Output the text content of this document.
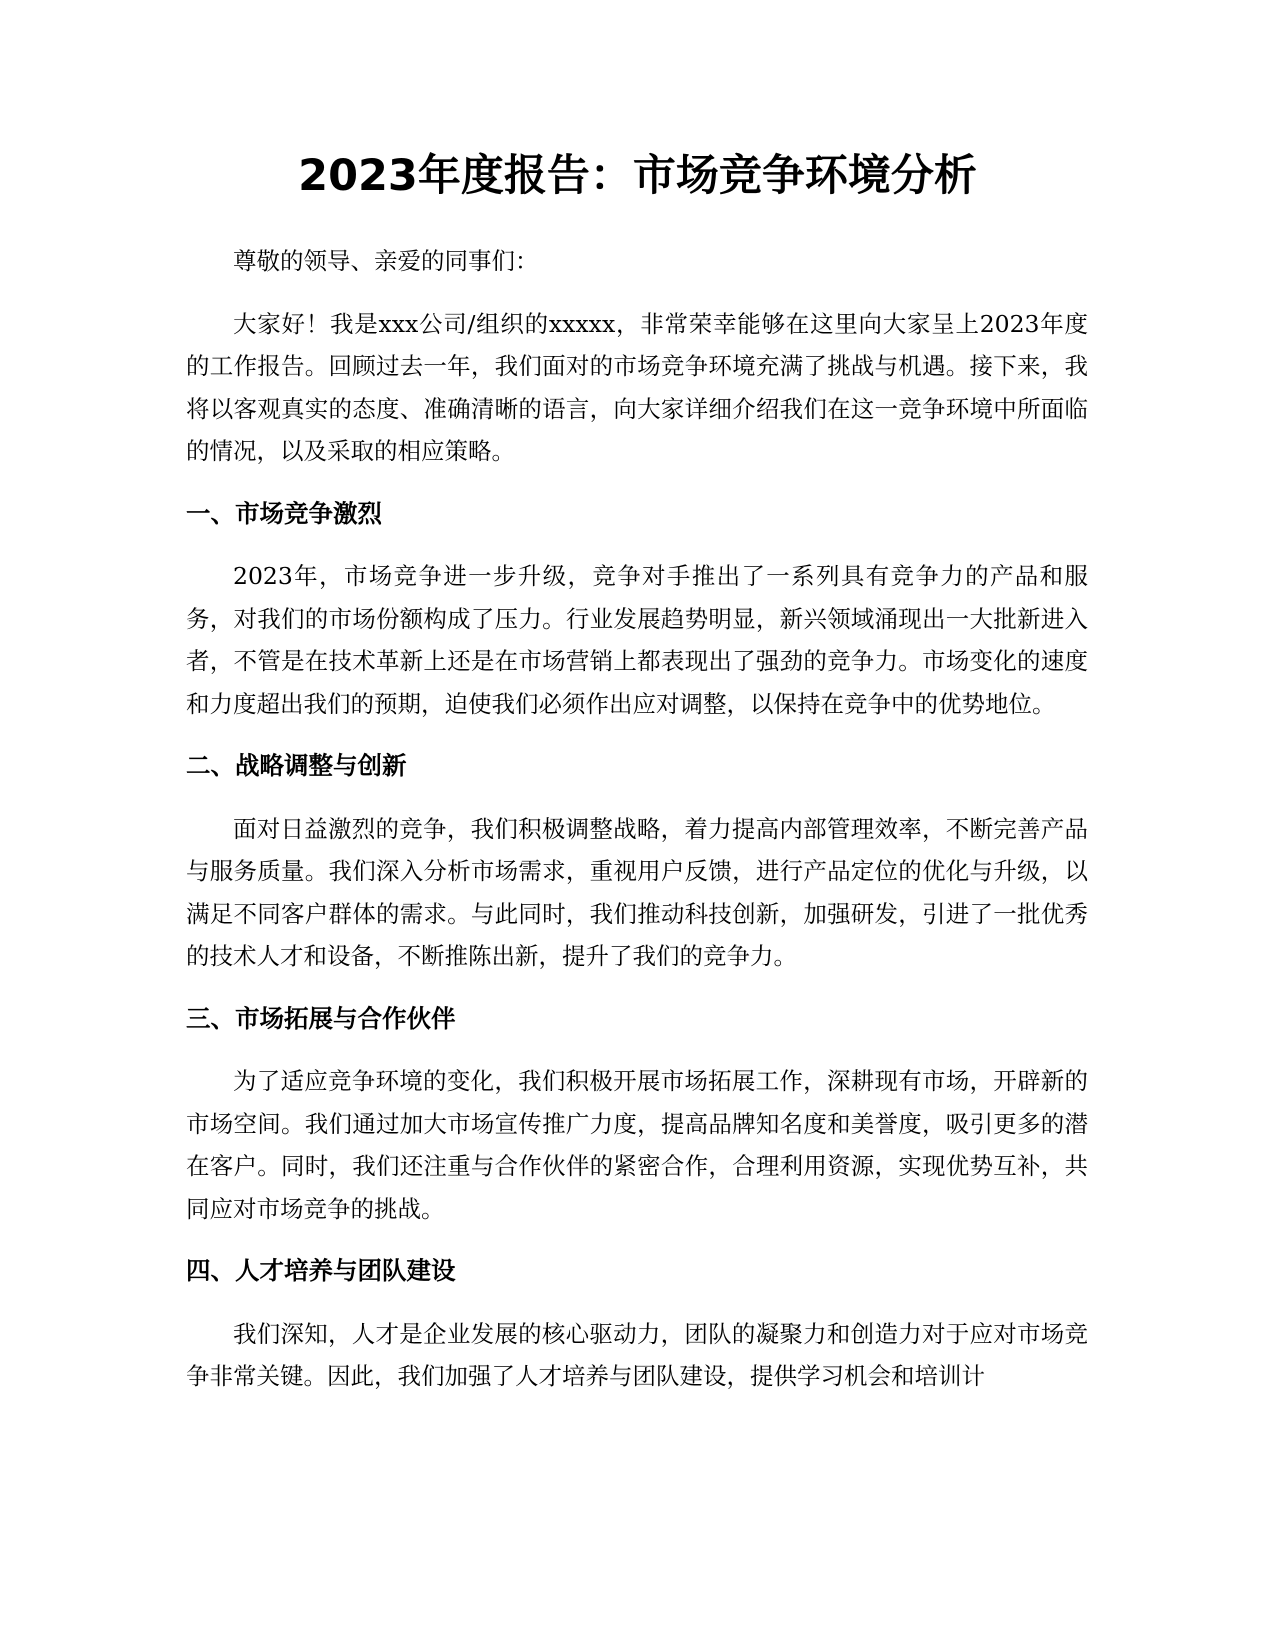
2023年度报告：市场竞争环境分析

尊敬的领导、亲爱的同事们：

大家好！我是xxx公司/组织的xxxxx，非常荣幸能够在这里向大家呈上2023年度的工作报告。回顾过去一年，我们面对的市场竞争环境充满了挑战与机遇。接下来，我将以客观真实的态度、准确清晰的语言，向大家详细介绍我们在这一竞争环境中所面临的情况，以及采取的相应策略。

一、市场竞争激烈

2023年，市场竞争进一步升级，竞争对手推出了一系列具有竞争力的产品和服务，对我们的市场份额构成了压力。行业发展趋势明显，新兴领域涌现出一大批新进入者，不管是在技术革新上还是在市场营销上都表现出了强劲的竞争力。市场变化的速度和力度超出我们的预期，迫使我们必须作出应对调整，以保持在竞争中的优势地位。

二、战略调整与创新

面对日益激烈的竞争，我们积极调整战略，着力提高内部管理效率，不断完善产品与服务质量。我们深入分析市场需求，重视用户反馈，进行产品定位的优化与升级，以满足不同客户群体的需求。与此同时，我们推动科技创新，加强研发，引进了一批优秀的技术人才和设备，不断推陈出新，提升了我们的竞争力。

三、市场拓展与合作伙伴

为了适应竞争环境的变化，我们积极开展市场拓展工作，深耕现有市场，开辟新的市场空间。我们通过加大市场宣传推广力度，提高品牌知名度和美誉度，吸引更多的潜在客户。同时，我们还注重与合作伙伴的紧密合作，合理利用资源，实现优势互补，共同应对市场竞争的挑战。

四、人才培养与团队建设

我们深知，人才是企业发展的核心驱动力，团队的凝聚力和创造力对于应对市场竞争非常关键。因此，我们加强了人才培养与团队建设，提供学习机会和培训计
